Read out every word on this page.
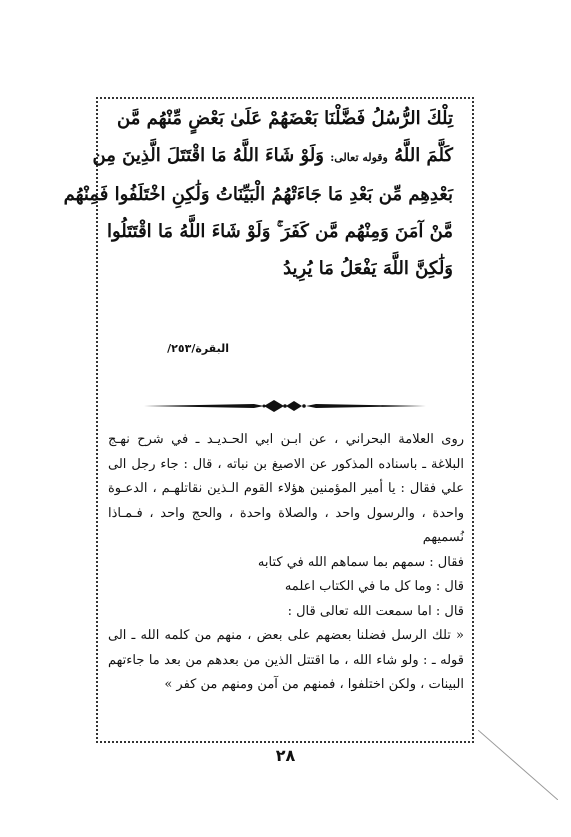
تِلْكَ الرُّسُلُ فَضَّلْنَا بَعْضَهُمْ عَلَىٰ بَعْضٍ مِّنْهُم مَّن
كَلَّمَ اللَّهُ وقوله تعالى: وَلَوْ شَاءَ اللَّهُ مَا اقْتَتَلَ الَّذِينَ مِن
بَعْدِهِم مِّن بَعْدِ مَا جَاءَتْهُمُ الْبَيِّنَاتُ وَلَٰكِنِ اخْتَلَفُوا فَمِنْهُم
مَّنْ آمَنَ وَمِنْهُم مَّن كَفَرَ ۚ وَلَوْ شَاءَ اللَّهُ مَا اقْتَتَلُوا
وَلَٰكِنَّ اللَّهَ يَفْعَلُ مَا يُرِيدُ
البقرة/٢٥٣/
روى العلامة البحراني ، عن ابـن ابي الحـديـد ـ في شرح نهـج
البلاغة ـ باسناده المذكور عن الاصيغ بن نباته ، قال : جاء رجل الى
علي فقال : يا أمير المؤمنين هؤلاء القوم الـذين نقاتلهـم ، الدعـوة
واحدة ، والرسول واحد ، والصلاة واحدة ، والحج واحد ، فـمـاذا
نُسميهم
فقال : سمهم بما سماهم الله في كتابه
قال : وما كل ما في الكتاب اعلمه
قال : اما سمعت الله تعالى قال :
« تلك الرسل فضلنا بعضهم على بعض ، منهم من كلمه الله ـ الى
قوله ـ : ولو شاء الله ، ما اقتتل الذين من بعدهم من بعد ما جاءتهم
البينات ، ولكن اختلفوا ، فمنهم من آمن ومنهم من كفر »
٢٨
